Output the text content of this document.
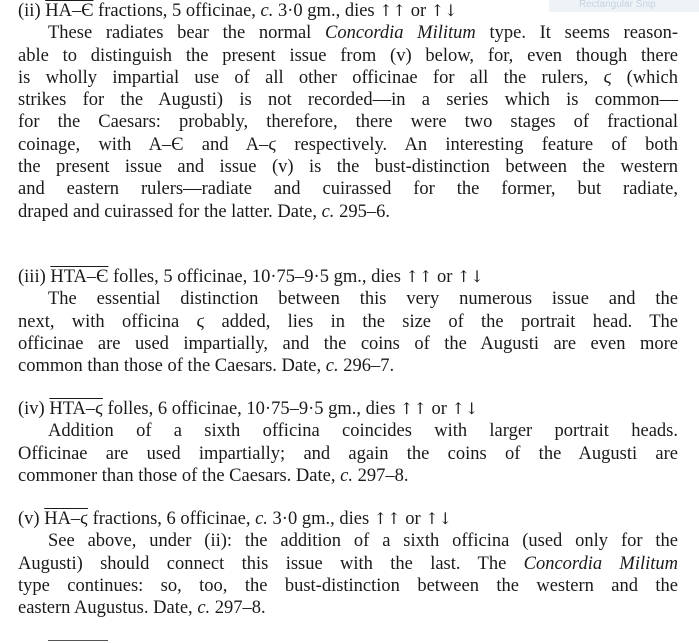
Rectangular Snip
(ii) HA–Є fractions, 5 officinae, c. 3·0 gm., dies ↑↑ or ↑↓
These radiates bear the normal Concordia Militum type. It seems reason-
able to distinguish the present issue from (v) below, for, even though there
is wholly impartial use of all other officinae for all the rulers, ϛ (which
strikes for the Augusti) is not recorded—in a series which is common—
for the Caesars: probably, therefore, there were two stages of fractional
coinage, with A–Є and A–ϛ respectively. An interesting feature of both
the present issue and issue (v) is the bust-distinction between the western
and eastern rulers—radiate and cuirassed for the former, but radiate,
draped and cuirassed for the latter. Date, c. 295–6.
(iii) HTA–Є folles, 5 officinae, 10·75–9·5 gm., dies ↑↑ or ↑↓
The essential distinction between this very numerous issue and the
next, with officina ϛ added, lies in the size of the portrait head. The
officinae are used impartially, and the coins of the Augusti are even more
common than those of the Caesars. Date, c. 296–7.
(iv) HTA–ϛ folles, 6 officinae, 10·75–9·5 gm., dies ↑↑ or ↑↓
Addition of a sixth officina coincides with larger portrait heads.
Officinae are used impartially; and again the coins of the Augusti are
commoner than those of the Caesars. Date, c. 297–8.
(v) HA–ϛ fractions, 6 officinae, c. 3·0 gm., dies ↑↑ or ↑↓
See above, under (ii): the addition of a sixth officina (used only for the
Augusti) should connect this issue with the last. The Concordia Militum
type continues: so, too, the bust-distinction between the western and the
eastern Augustus. Date, c. 297–8.
